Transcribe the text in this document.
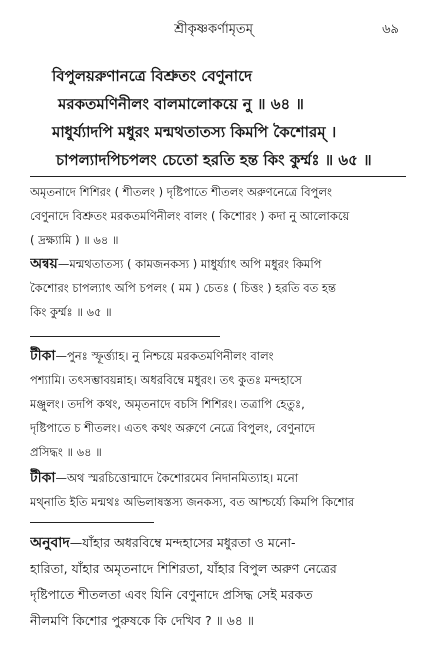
শ্রীকৃষ্ণকর্ণামৃতম্	৬৯
বিপুলয়রুণানত্রে বিশ্রুতং বেণুনাদে
মরকতমণিনীলং বালমালোকয়ে নু ॥ ৬৪ ॥
মাধুর্য্যাদপি মধুরং মন্মথতাতস্য কিমপি কৈশোরম্ ।
চাপল্যাদপিচপলং চেতো হরতি হন্ত কিং কুর্ম্মঃ ॥ ৬৫ ॥
অমৃতনাদে শিশিরং ( শীতলং ) দৃষ্টিপাতে শীতলং অরুণনেত্রে বিপুলং
বেণুনাদে বিশ্রুতং মরকতমণিনীলং বালং ( কিশোরং ) কদা নু আলোকয়ে
( দ্রক্ষ্যামি ) ॥ ৬৪ ॥
অন্বয়—মন্মথতাতস্য ( কামজনকস্য ) মাধুর্য্যাৎ অপি মধুরং কিমপি
কৈশোরং চাপল্যাৎ অপি চপলং ( মম ) চেতঃ ( চিত্তং ) হরতি বত হন্ত
কিং কুর্ম্মঃ ॥ ৬৫ ॥
টীকা—পুনঃ স্ফূর্ত্ত্যাহ। নু নিশ্চয়ে মরকতমণিনীলং বালং
পশ্যামি। তৎসম্ভাবয়ন্নাহ। অধরবিম্বে মধুরং। তৎ কুতঃ মন্দহাসে
মঞ্জুলং। তদপি কথং, অমৃতনাদে বচসি শিশিরং। তত্রাপি হেতুঃ,
দৃষ্টিপাতে চ শীতলং। এতৎ কথং অরুণে নেত্রে বিপুলং, বেণুনাদে
প্রসিদ্ধং ॥ ৬৪ ॥
টীকা—অথ স্মরচিত্তোন্মাদে কৈশোরমেব নিদানমিত্যাহ। মনো
মথ্নাতি ইতি মন্মথঃ অভিলাষস্তস্য জনকস্য, বত আশ্চর্য্যে কিমপি কিশোর
অনুবাদ—যাঁহার অধরবিম্বে মন্দহাসের মধুরতা ও মনো-
হারিতা, যাঁহার অমৃতনাদে শিশিরতা, যাঁহার বিপুল অরুণ নেত্রের
দৃষ্টিপাতে শীতলতা এবং যিনি বেণুনাদে প্রসিদ্ধ সেই মরকত
নীলমণি কিশোর পুরুষকে কি দেখিব ? ॥ ৬৪ ॥
